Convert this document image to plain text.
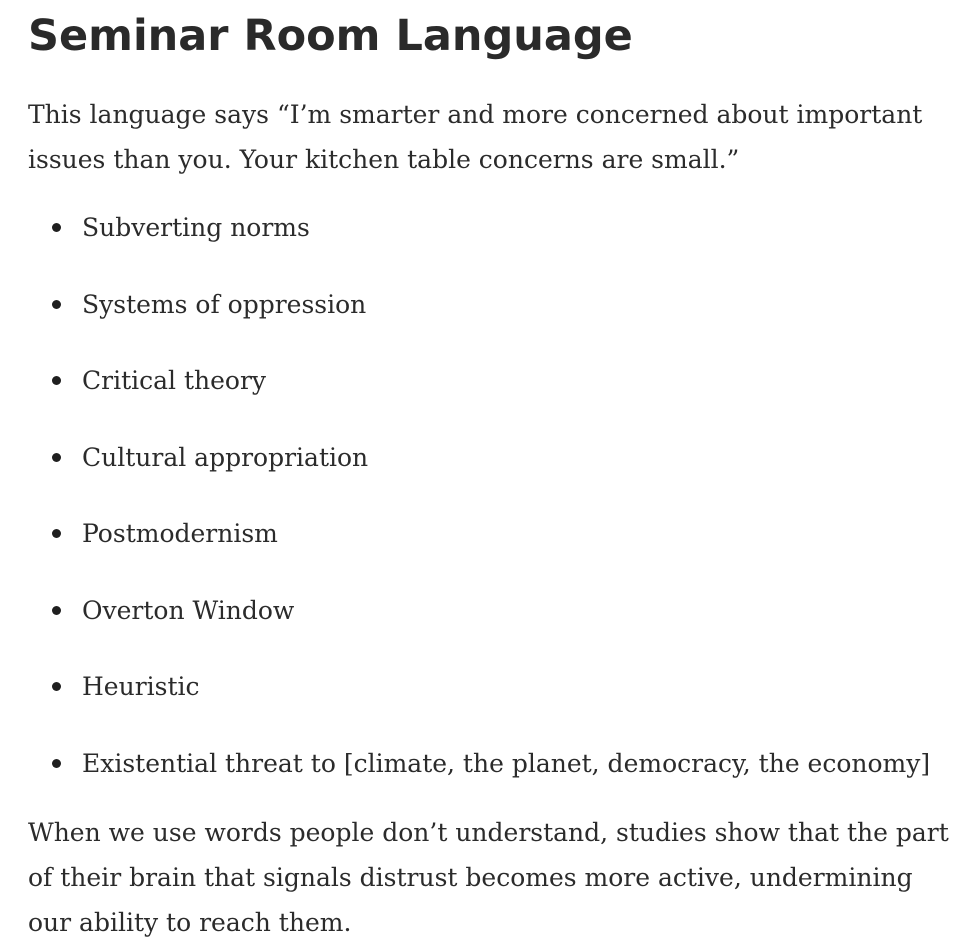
Seminar Room Language

This language says “I’m smarter and more concerned about important issues than you. Your kitchen table concerns are small.”

Subverting norms
Systems of oppression
Critical theory
Cultural appropriation
Postmodernism
Overton Window
Heuristic
Existential threat to [climate, the planet, democracy, the economy]

When we use words people don’t understand, studies show that the part of their brain that signals distrust becomes more active, undermining our ability to reach them.
